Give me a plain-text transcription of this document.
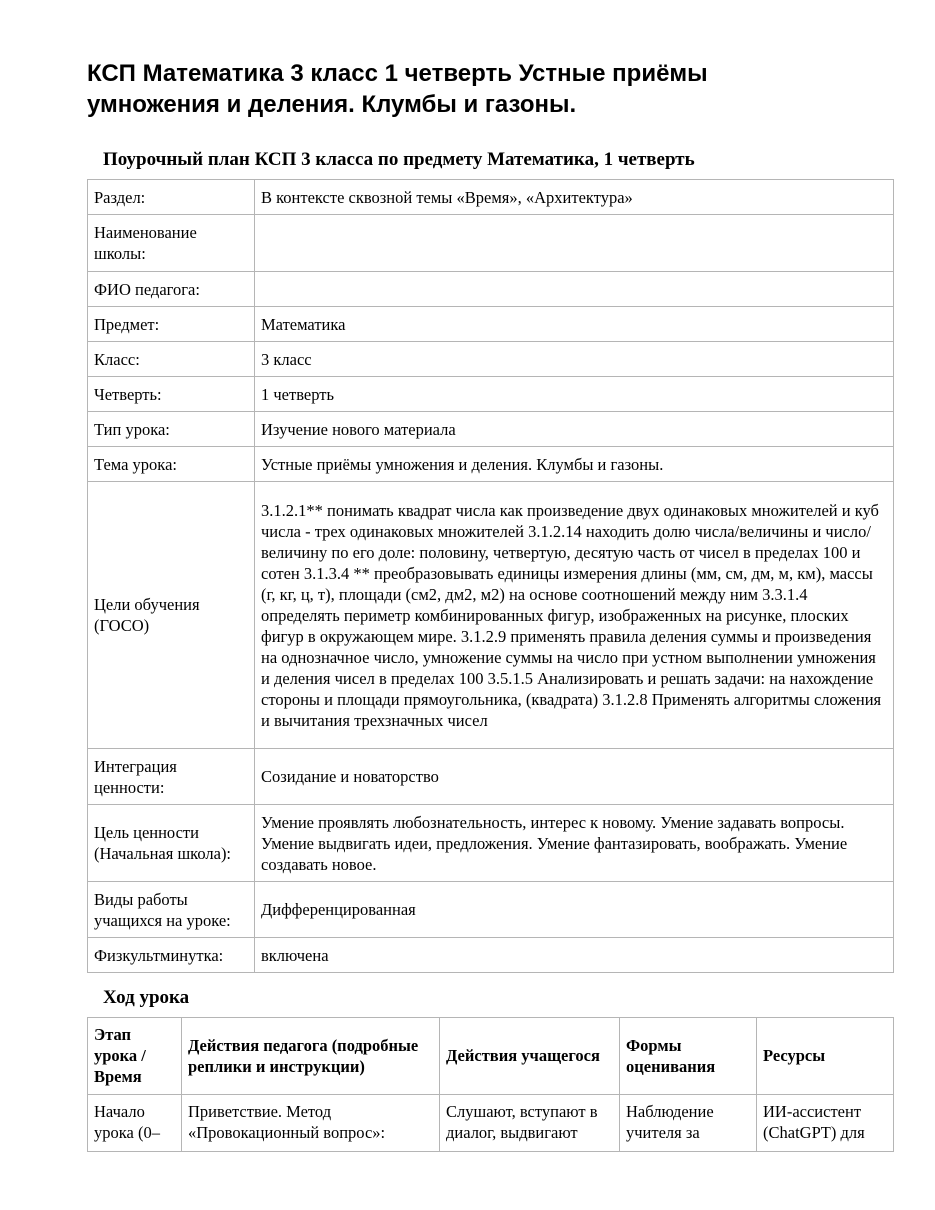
КСП Математика 3 класс 1 четверть Устные приёмы умножения и деления. Клумбы и газоны.
Поурочный план КСП 3 класса по предмету Математика, 1 четверть
Раздел:	В контексте сквозной темы «Время», «Архитектура»
Наименование школы:	
ФИО педагога:	
Предмет:	Математика
Класс:	3 класс
Четверть:	1 четверть
Тип урока:	Изучение нового материала
Тема урока:	Устные приёмы умножения и деления. Клумбы и газоны.
Цели обучения (ГОСО)	3.1.2.1** понимать квадрат числа как произведение двух одинаковых множителей и куб числа - трех одинаковых множителей 3.1.2.14 находить долю числа/величины и число/величину по его доле: половину, четвертую, десятую часть от чисел в пределах 100 и сотен 3.1.3.4 ** преобразовывать единицы измерения длины (мм, см, дм, м, км), массы (г, кг, ц, т), площади (см2, дм2, м2) на основе соотношений между ним 3.3.1.4 определять периметр комбинированных фигур, изображенных на рисунке, плоских фигур в окружающем мире. 3.1.2.9 применять правила деления суммы и произведения на однозначное число, умножение суммы на число при устном выполнении умножения и деления чисел в пределах 100 3.5.1.5 Анализировать и решать задачи: на нахождение стороны и площади прямоугольника, (квадрата) 3.1.2.8 Применять алгоритмы сложения и вычитания трехзначных чисел
Интеграция ценности:	Созидание и новаторство
Цель ценности (Начальная школа):	Умение проявлять любознательность, интерес к новому. Умение задавать вопросы. Умение выдвигать идеи, предложения. Умение фантазировать, воображать. Умение создавать новое.
Виды работы учащихся на уроке:	Дифференцированная
Физкультминутка:	включена
Ход урока
Этап урока / Время	Действия педагога (подробные реплики и инструкции)	Действия учащегося	Формы оценивания	Ресурсы

Начало урока (0–	Приветствие. Метод «Провокационный вопрос»:	Слушают, вступают в диалог, выдвигают	Наблюдение учителя за	ИИ-ассистент (ChatGPT) для
